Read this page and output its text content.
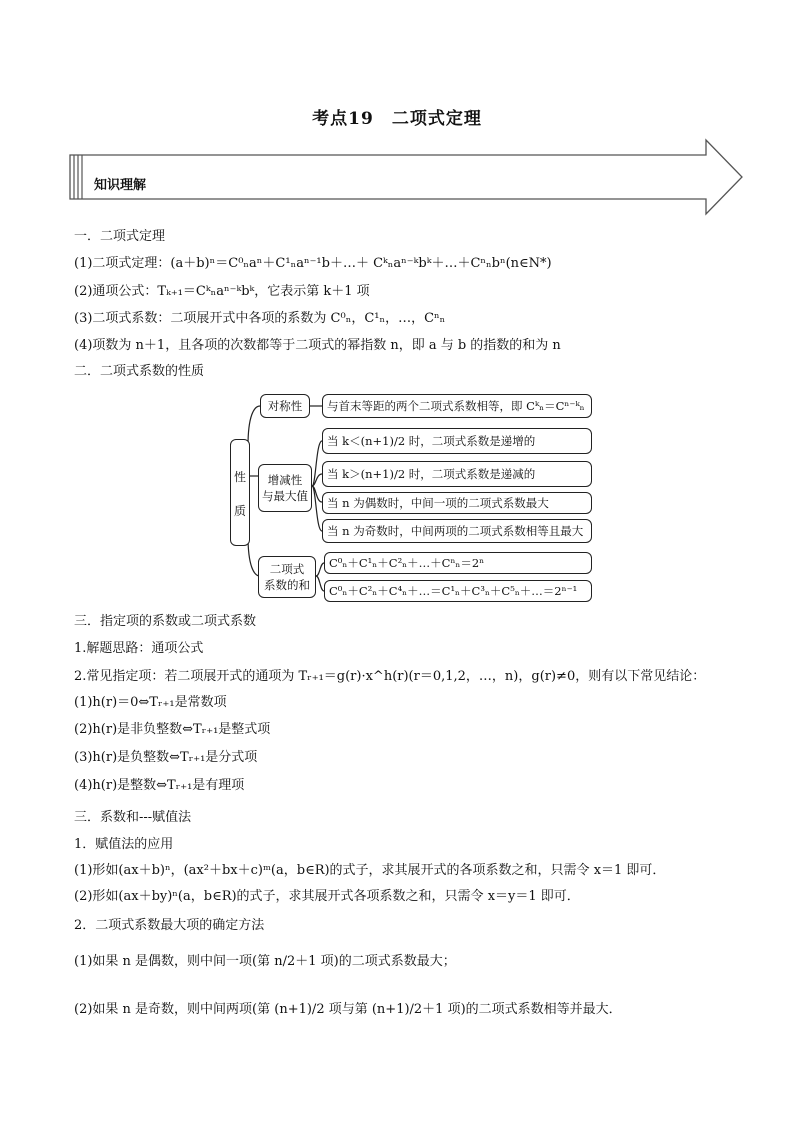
考点19　二项式定理
知识理解
一．二项式定理
(1)二项式定理：(a＋b)ⁿ＝C⁰ₙaⁿ＋C¹ₙaⁿ⁻¹b＋…＋ Cᵏₙaⁿ⁻ᵏbᵏ＋…＋Cⁿₙbⁿ(n∈N*)
(2)通项公式：Tₖ₊₁＝Cᵏₙaⁿ⁻ᵏbᵏ，它表示第 k＋1 项
(3)二项式系数：二项展开式中各项的系数为 C⁰ₙ，C¹ₙ，…，Cⁿₙ
(4)项数为 n＋1，且各项的次数都等于二项式的幂指数 n，即 a 与 b 的指数的和为 n
二．二项式系数的性质
性
质
对称性	与首末等距的两个二项式系数相等，即 Cᵏₙ＝Cⁿ⁻ᵏₙ
增减性
与最大值
当 k＜(n+1)/2 时，二项式系数是递增的
当 k＞(n+1)/2 时，二项式系数是递减的
当 n 为偶数时，中间一项的二项式系数最大
当 n 为奇数时，中间两项的二项式系数相等且最大
二项式
系数的和
C⁰ₙ＋C¹ₙ＋C²ₙ＋…＋Cⁿₙ＝2ⁿ
C⁰ₙ＋C²ₙ＋C⁴ₙ＋…＝C¹ₙ＋C³ₙ＋C⁵ₙ＋…＝2ⁿ⁻¹
三．指定项的系数或二项式系数
1.解题思路：通项公式
2.常见指定项：若二项展开式的通项为 Tᵣ₊₁＝g(r)·x^h(r)(r＝0,1,2，…，n)，g(r)≠0，则有以下常见结论：
(1)h(r)＝0⇔Tᵣ₊₁是常数项
(2)h(r)是非负整数⇔Tᵣ₊₁是整式项
(3)h(r)是负整数⇔Tᵣ₊₁是分式项
(4)h(r)是整数⇔Tᵣ₊₁是有理项
三．系数和---赋值法
1．赋值法的应用
(1)形如(ax＋b)ⁿ，(ax²＋bx＋c)ᵐ(a，b∈R)的式子，求其展开式的各项系数之和，只需令 x＝1 即可．
(2)形如(ax＋by)ⁿ(a，b∈R)的式子，求其展开式各项系数之和，只需令 x＝y＝1 即可．
2．二项式系数最大项的确定方法
(1)如果 n 是偶数，则中间一项(第 n/2＋1 项)的二项式系数最大；
(2)如果 n 是奇数，则中间两项(第 (n+1)/2 项与第 (n+1)/2＋1 项)的二项式系数相等并最大．
